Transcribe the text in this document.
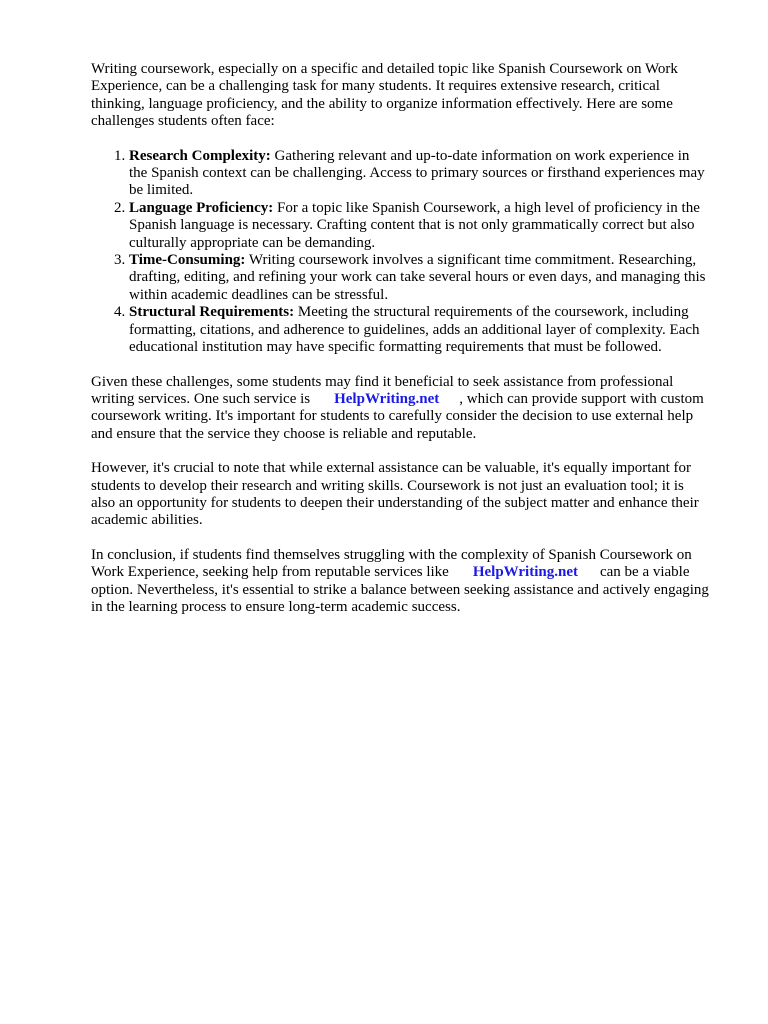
Writing coursework, especially on a specific and detailed topic like Spanish Coursework on Work Experience, can be a challenging task for many students. It requires extensive research, critical thinking, language proficiency, and the ability to organize information effectively. Here are some challenges students often face:

1. Research Complexity: Gathering relevant and up-to-date information on work experience in the Spanish context can be challenging. Access to primary sources or firsthand experiences may be limited.
2. Language Proficiency: For a topic like Spanish Coursework, a high level of proficiency in the Spanish language is necessary. Crafting content that is not only grammatically correct but also culturally appropriate can be demanding.
3. Time-Consuming: Writing coursework involves a significant time commitment. Researching, drafting, editing, and refining your work can take several hours or even days, and managing this within academic deadlines can be stressful.
4. Structural Requirements: Meeting the structural requirements of the coursework, including formatting, citations, and adherence to guidelines, adds an additional layer of complexity. Each educational institution may have specific formatting requirements that must be followed.

Given these challenges, some students may find it beneficial to seek assistance from professional writing services. One such service is HelpWriting.net , which can provide support with custom coursework writing. It's important for students to carefully consider the decision to use external help and ensure that the service they choose is reliable and reputable.

However, it's crucial to note that while external assistance can be valuable, it's equally important for students to develop their research and writing skills. Coursework is not just an evaluation tool; it is also an opportunity for students to deepen their understanding of the subject matter and enhance their academic abilities.

In conclusion, if students find themselves struggling with the complexity of Spanish Coursework on Work Experience, seeking help from reputable services like HelpWriting.net can be a viable option. Nevertheless, it's essential to strike a balance between seeking assistance and actively engaging in the learning process to ensure long-term academic success.
